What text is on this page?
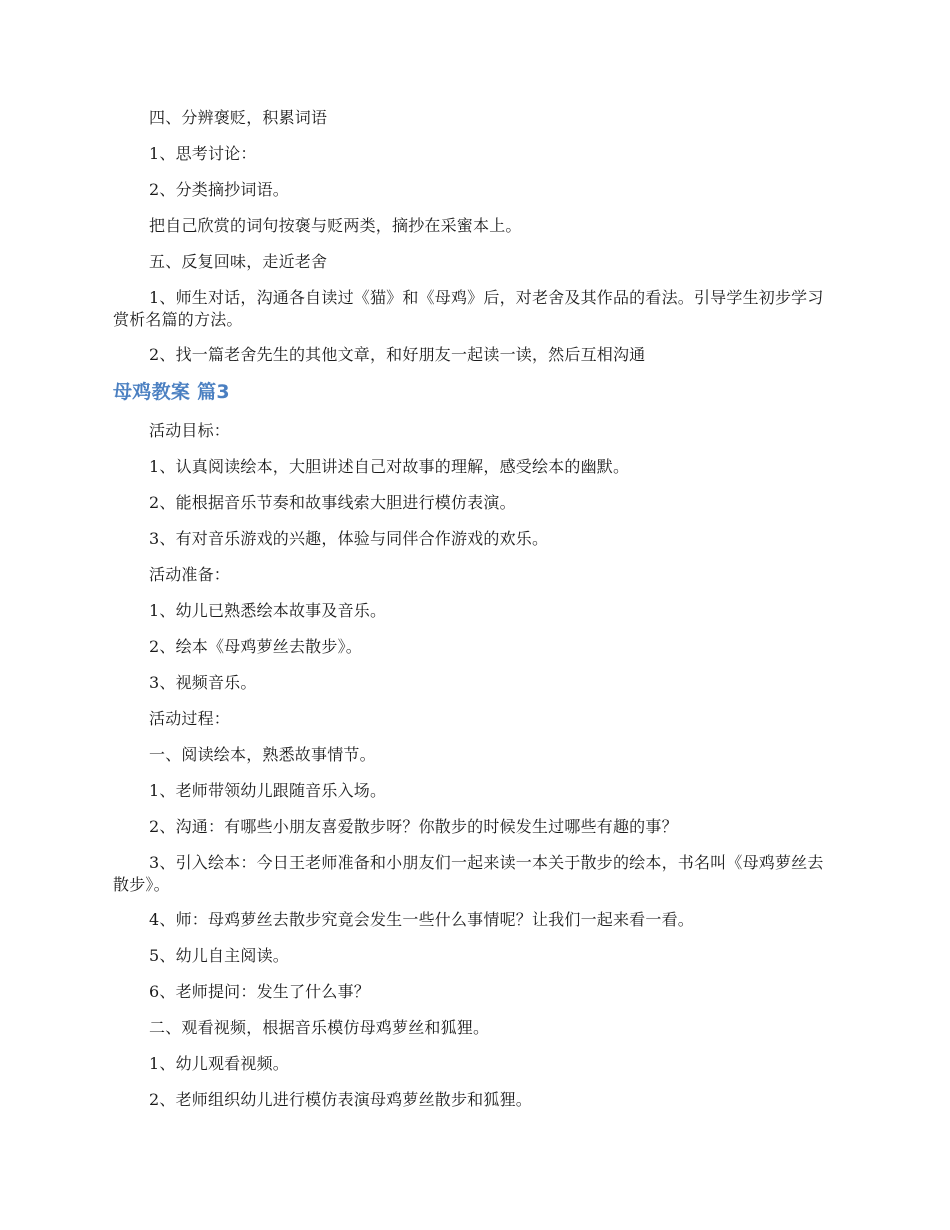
四、分辨褒贬，积累词语

1、思考讨论：

2、分类摘抄词语。

把自己欣赏的词句按褒与贬两类，摘抄在采蜜本上。

五、反复回味，走近老舍

1、师生对话，沟通各自读过《猫》和《母鸡》后，对老舍及其作品的看法。引导学生初步学习赏析名篇的方法。

2、找一篇老舍先生的其他文章，和好朋友一起读一读，然后互相沟通

母鸡教案 篇3

活动目标：

1、认真阅读绘本，大胆讲述自己对故事的理解，感受绘本的幽默。

2、能根据音乐节奏和故事线索大胆进行模仿表演。

3、有对音乐游戏的兴趣，体验与同伴合作游戏的欢乐。

活动准备：

1、幼儿已熟悉绘本故事及音乐。

2、绘本《母鸡萝丝去散步》。

3、视频音乐。

活动过程：

一、阅读绘本，熟悉故事情节。

1、老师带领幼儿跟随音乐入场。

2、沟通：有哪些小朋友喜爱散步呀？你散步的时候发生过哪些有趣的事？

3、引入绘本：今日王老师准备和小朋友们一起来读一本关于散步的绘本，书名叫《母鸡萝丝去散步》。

4、师：母鸡萝丝去散步究竟会发生一些什么事情呢？让我们一起来看一看。

5、幼儿自主阅读。

6、老师提问：发生了什么事？

二、观看视频，根据音乐模仿母鸡萝丝和狐狸。

1、幼儿观看视频。

2、老师组织幼儿进行模仿表演母鸡萝丝散步和狐狸。
